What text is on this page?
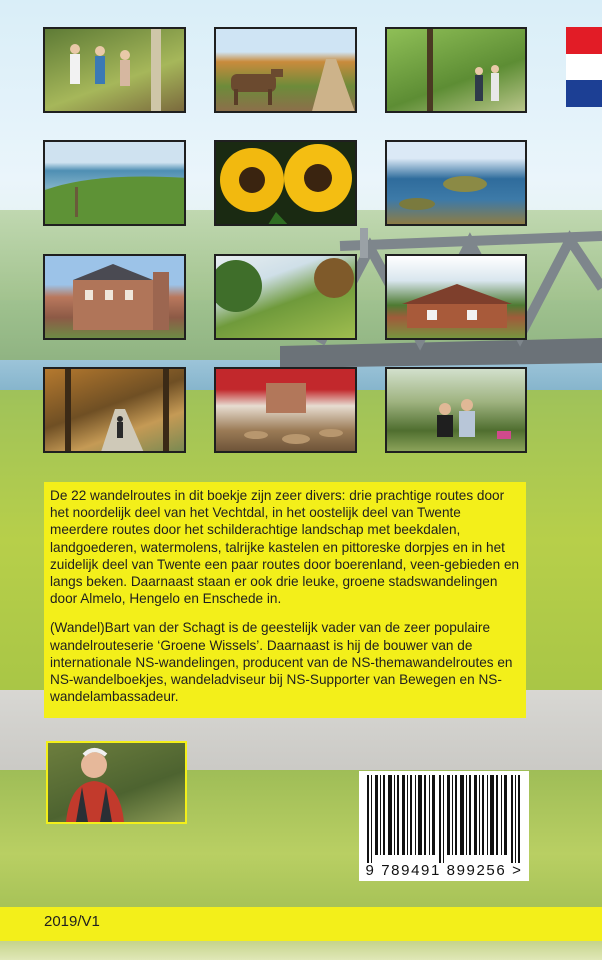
De 22 wandelroutes in dit boekje zijn zeer divers: drie prachtige routes door het noordelijk deel van het Vechtdal, in het oostelijk deel van Twente meerdere routes door het schilderachtige landschap met beekdalen, landgoederen, watermolens, talrijke kastelen en pittoreske dorpjes en in het zuidelijk deel van Twente een paar routes door boerenland, veen-gebieden en langs beken. Daarnaast staan er ook drie leuke, groene stadswandelingen door Almelo, Hengelo en Enschede in.

(Wandel)Bart van der Schagt is de geestelijk vader van de zeer populaire wandelrouteserie ‘Groene Wissels’. Daarnaast is hij de bouwer van de internationale NS-wandelingen, producent van de NS-themawandelroutes en NS-wandelboekjes, wandeladviseur bij NS-Supporter van Bewegen en NS-wandelambassadeur.

9 789491 899256 >
2019/V1
